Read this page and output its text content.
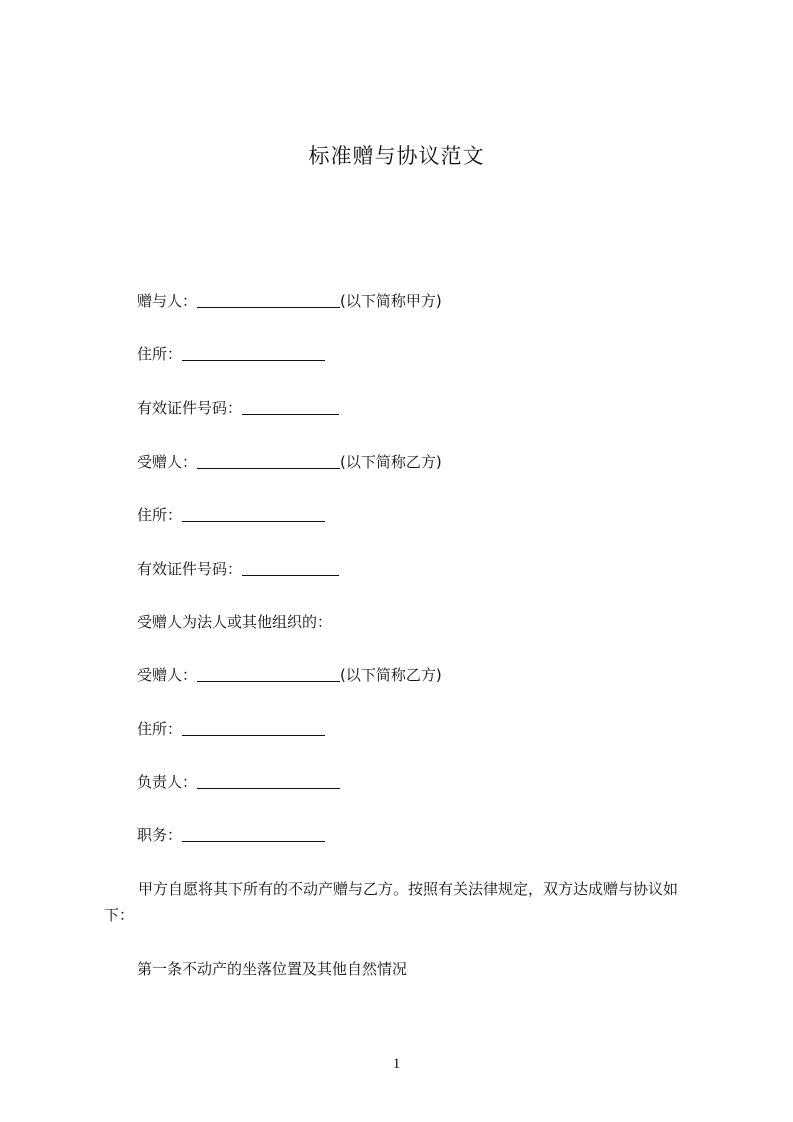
标准赠与协议范文
赠与人：	(以下简称甲方)
住所：
有效证件号码：
受赠人：	(以下简称乙方)
住所：
有效证件号码：
受赠人为法人或其他组织的：
受赠人：	(以下简称乙方)
住所：
负责人：
职务：
甲方自愿将其下所有的不动产赠与乙方。按照有关法律规定，双方达成赠与协议如下：
第一条不动产的坐落位置及其他自然情况
1
